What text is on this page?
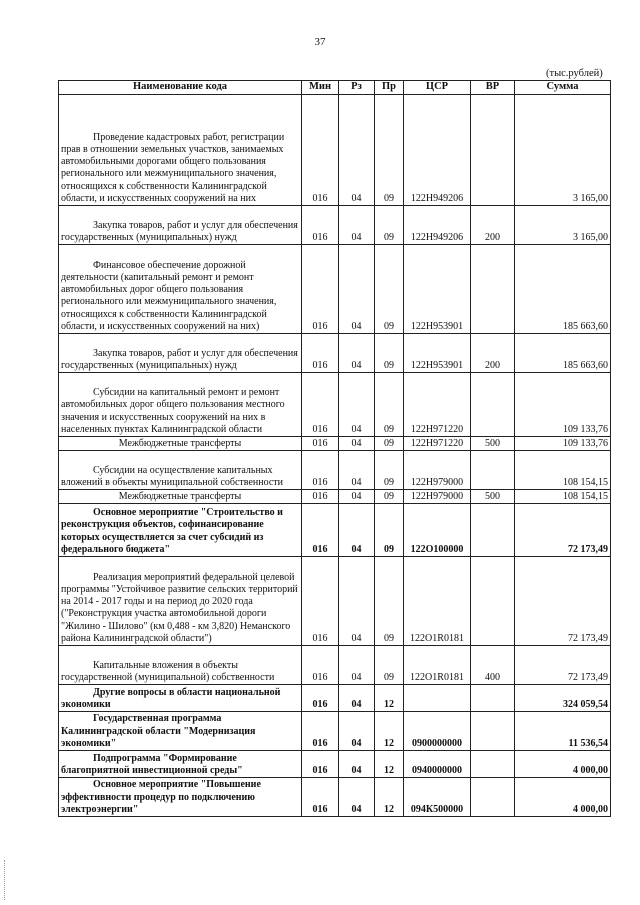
37
(тыс.рублей)
Наименование кода	Мин	Рз	Пр	ЦСР	ВР	Сумма
Проведение кадастровых работ, регистрации прав в отношении земельных участков, занимаемых автомобильными дорогами общего пользования регионального или межмуниципального значения, относящихся к собственности Калининградской области, и искусственных сооружений на них	016	04	09	122Н949206		3 165,00
Закупка товаров, работ и услуг для обеспечения государственных (муниципальных) нужд	016	04	09	122Н949206	200	3 165,00
Финансовое обеспечение дорожной деятельности (капитальный ремонт и ремонт автомобильных дорог общего пользования регионального или межмуниципального значения, относящихся к собственности Калининградской области, и искусственных сооружений на них)	016	04	09	122Н953901		185 663,60
Закупка товаров, работ и услуг для обеспечения государственных (муниципальных) нужд	016	04	09	122Н953901	200	185 663,60
Субсидии на капитальный ремонт и ремонт автомобильных дорог общего пользования местного значения и искусственных сооружений на них в населенных пунктах Калининградской области	016	04	09	122Н971220		109 133,76
Межбюджетные трансферты	016	04	09	122Н971220	500	109 133,76
Субсидии на осуществление капитальных вложений в объекты муниципальной собственности	016	04	09	122Н979000		108 154,15
Межбюджетные трансферты	016	04	09	122Н979000	500	108 154,15
Основное мероприятие "Строительство и реконструкция объектов, софинансирование которых осуществляется за счет субсидий из федерального бюджета"	016	04	09	122О100000		72 173,49
Реализация мероприятий федеральной целевой программы "Устойчивое развитие сельских территорий на 2014 - 2017 годы и на период до 2020 года ("Реконструкция участка автомобильной дороги "Жилино - Шилово" (км 0,488 - км 3,820) Неманского района Калининградской области")	016	04	09	122О1R0181		72 173,49
Капитальные вложения в объекты государственной (муниципальной) собственности	016	04	09	122О1R0181	400	72 173,49
Другие вопросы в области национальной экономики	016	04	12			324 059,54
Государственная программа Калининградской области "Модернизация экономики"	016	04	12	0900000000		11 536,54
Подпрограмма "Формирование благоприятной инвестиционной среды"	016	04	12	0940000000		4 000,00
Основное мероприятие "Повышение эффективности процедур по подключению электроэнергии"	016	04	12	094К500000		4 000,00
